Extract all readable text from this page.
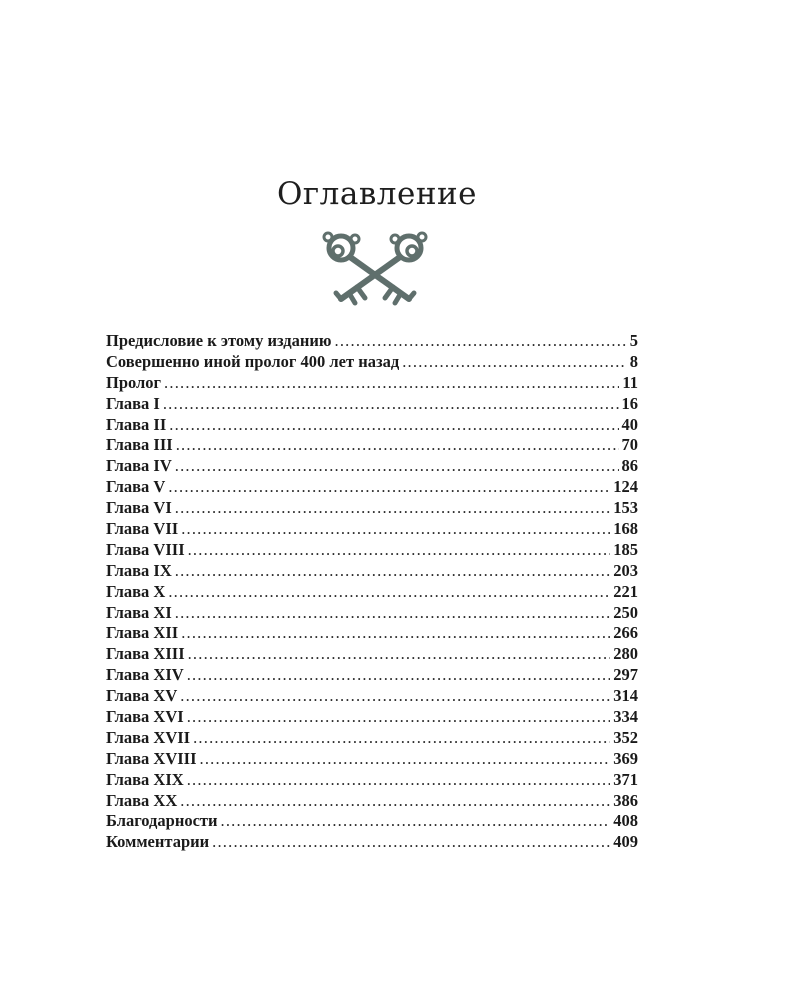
Оглавление
Предисловие к этому изданию .....	5
Совершенно иной пролог 400 лет назад .....	8
Пролог .....	11
Глава I .....	16
Глава II .....	40
Глава III .....	70
Глава IV .....	86
Глава V .....	124
Глава VI .....	153
Глава VII .....	168
Глава VIII .....	185
Глава IX .....	203
Глава X .....	221
Глава XI .....	250
Глава XII .....	266
Глава XIII .....	280
Глава XIV .....	297
Глава XV .....	314
Глава XVI .....	334
Глава XVII .....	352
Глава XVIII .....	369
Глава XIX .....	371
Глава XX .....	386
Благодарности .....	408
Комментарии .....	409
